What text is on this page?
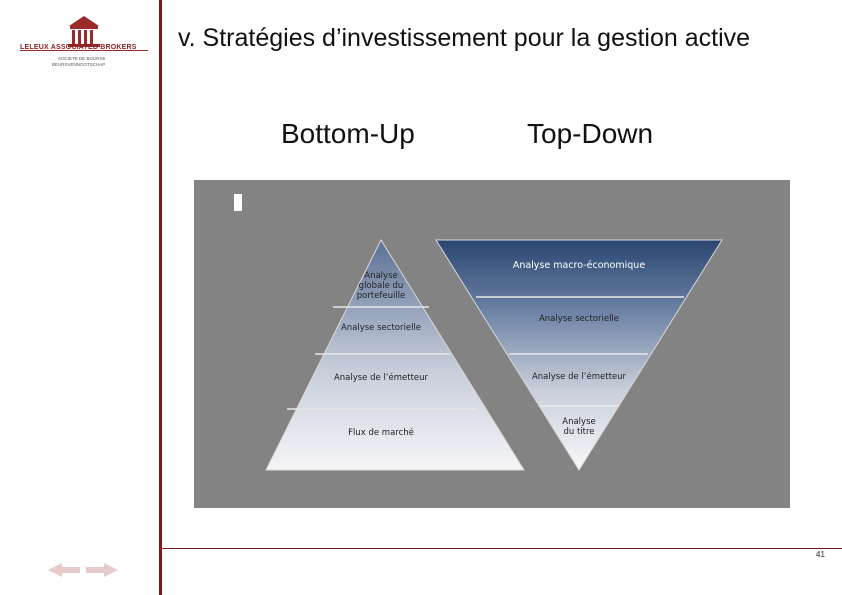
LELEUX ASSOCIATED BROKERS
SOCIETE DE BOURSE
BEURSVENNOOTSCHAP
v. Stratégies d’investissement pour la gestion active
Bottom-Up	Top-Down
Analyse globale du portefeuille
Analyse sectorielle
Analyse de l’émetteur
Flux de marché
Analyse macro-économique
Analyse sectorielle
Analyse de l’émetteur
Analyse du titre
41
